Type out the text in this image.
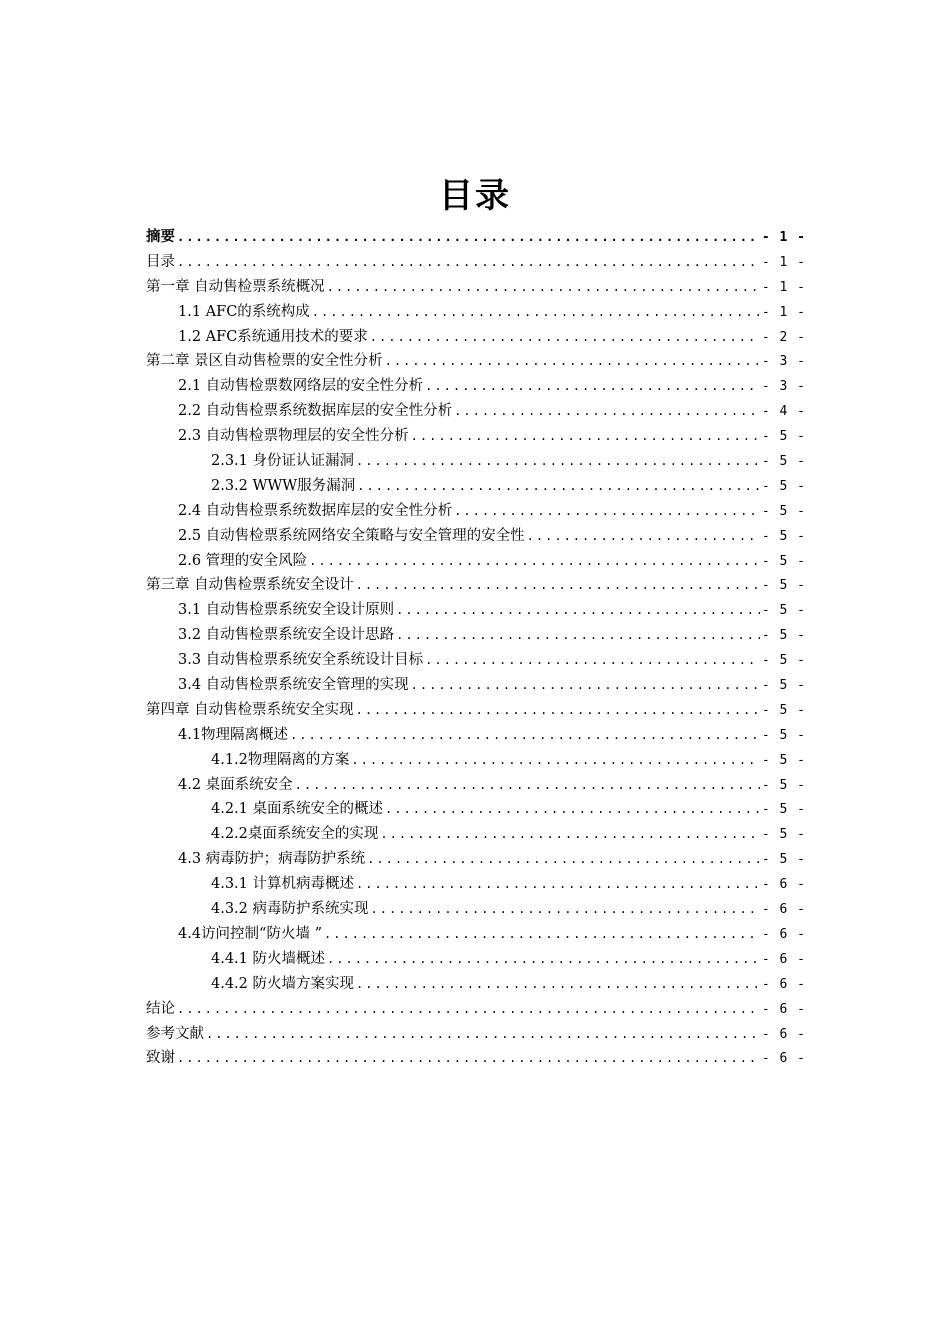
目录
摘要 .....	- 1 -
目录 .....	- 1 -
第一章 自动售检票系统概况 .....	- 1 -
1.1 AFC的系统构成 .....	- 1 -
1.2 AFC系统通用技术的要求 .....	- 2 -
第二章 景区自动售检票的安全性分析 .....	- 3 -
2.1 自动售检票数网络层的安全性分析 .....	- 3 -
2.2 自动售检票系统数据库层的安全性分析 .....	- 4 -
2.3 自动售检票物理层的安全性分析 .....	- 5 -
2.3.1 身份证认证漏洞 .....	- 5 -
2.3.2 WWW服务漏洞 .....	- 5 -
2.4 自动售检票系统数据库层的安全性分析 .....	- 5 -
2.5 自动售检票系统网络安全策略与安全管理的安全性 .....	- 5 -
2.6 管理的安全风险 .....	- 5 -
第三章 自动售检票系统安全设计 .....	- 5 -
3.1 自动售检票系统安全设计原则 .....	- 5 -
3.2 自动售检票系统安全设计思路 .....	- 5 -
3.3 自动售检票系统安全系统设计目标 .....	- 5 -
3.4 自动售检票系统安全管理的实现 .....	- 5 -
第四章 自动售检票系统安全实现 .....	- 5 -
4.1物理隔离概述 .....	- 5 -
4.1.2物理隔离的方案 .....	- 5 -
4.2 桌面系统安全 .....	- 5 -
4.2.1 桌面系统安全的概述 .....	- 5 -
4.2.2桌面系统安全的实现 .....	- 5 -
4.3 病毒防护；病毒防护系统 .....	- 5 -
4.3.1 计算机病毒概述 .....	- 6 -
4.3.2 病毒防护系统实现 .....	- 6 -
4.4访问控制“防火墙 ” .....	- 6 -
4.4.1 防火墙概述 .....	- 6 -
4.4.2 防火墙方案实现 .....	- 6 -
结论 .....	- 6 -
参考文献 .....	- 6 -
致谢 .....	- 6 -
